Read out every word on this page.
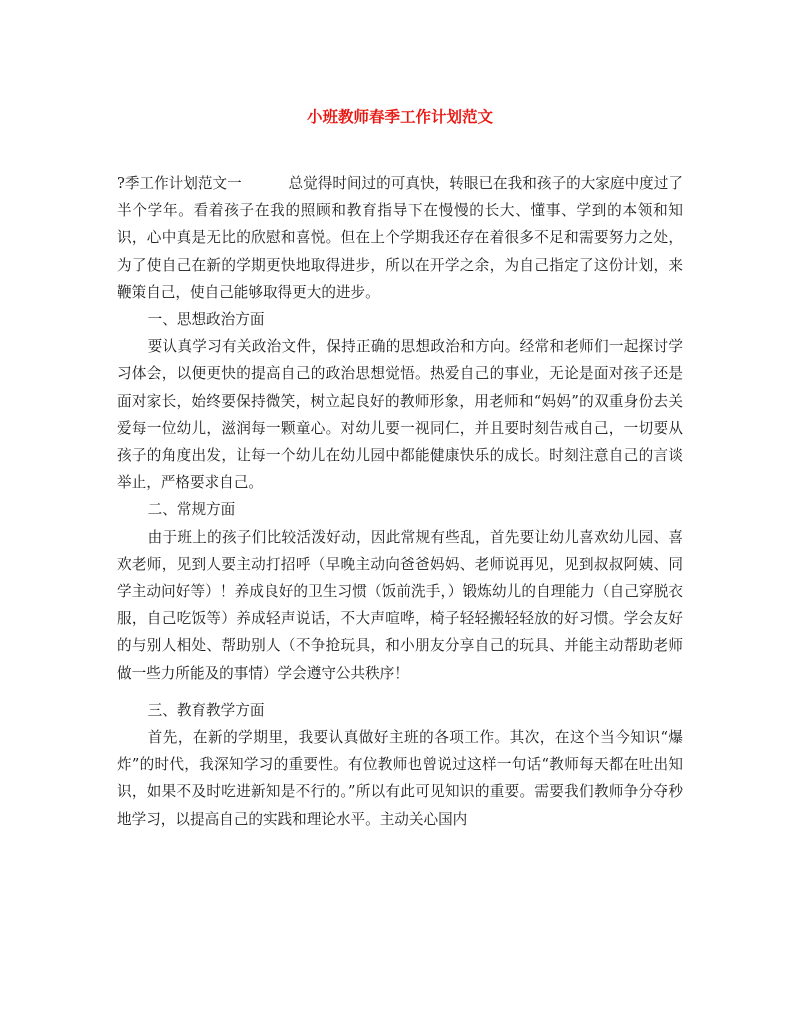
小班教师春季工作计划范文

?季工作计划范文一	总觉得时间过的可真快，转眼已在我和孩子的大家庭中度过了半个学年。看着孩子在我的照顾和教育指导下在慢慢的长大、懂事、学到的本领和知识，心中真是无比的欣慰和喜悦。但在上个学期我还存在着很多不足和需要努力之处，为了使自己在新的学期更快地取得进步，所以在开学之余，为自己指定了这份计划，来鞭策自己，使自己能够取得更大的进步。

一、思想政治方面

要认真学习有关政治文件，保持正确的思想政治和方向。经常和老师们一起探讨学习体会，以便更快的提高自己的政治思想觉悟。热爱自己的事业，无论是面对孩子还是面对家长，始终要保持微笑，树立起良好的教师形象，用老师和“妈妈”的双重身份去关爱每一位幼儿，滋润每一颗童心。对幼儿要一视同仁，并且要时刻告戒自己，一切要从孩子的角度出发，让每一个幼儿在幼儿园中都能健康快乐的成长。时刻注意自己的言谈举止，严格要求自己。

二、常规方面

由于班上的孩子们比较活泼好动，因此常规有些乱，首先要让幼儿喜欢幼儿园、喜欢老师，见到人要主动打招呼（早晚主动向爸爸妈妈、老师说再见，见到叔叔阿姨、同学主动问好等）！养成良好的卫生习惯（饭前洗手，）锻炼幼儿的自理能力（自己穿脱衣服，自己吃饭等）养成轻声说话，不大声喧哗，椅子轻轻搬轻轻放的好习惯。学会友好的与别人相处、帮助别人（不争抢玩具，和小朋友分享自己的玩具、并能主动帮助老师做一些力所能及的事情）学会遵守公共秩序！

三、教育教学方面

首先，在新的学期里，我要认真做好主班的各项工作。其次，在这个当今知识“爆炸”的时代，我深知学习的重要性。有位教师也曾说过这样一句话“教师每天都在吐出知识，如果不及时吃进新知是不行的。”所以有此可见知识的重要。需要我们教师争分夺秒地学习，以提高自己的实践和理论水平。主动关心国内
